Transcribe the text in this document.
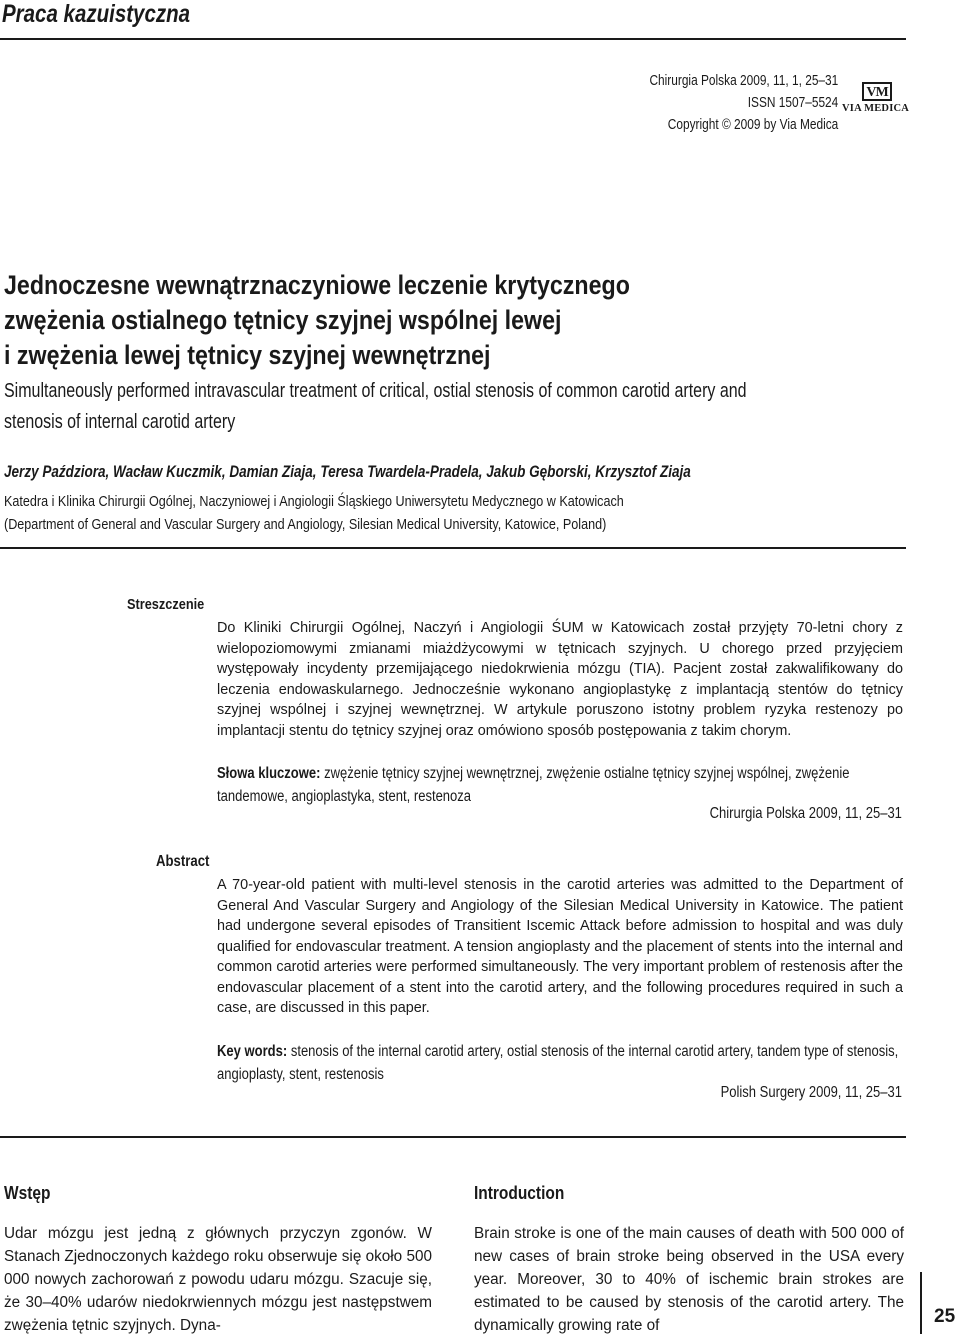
Praca kazuistyczna
Chirurgia Polska 2009, 11, 1, 25–31
ISSN 1507–5524
Copyright © 2009 by Via Medica
VM
VIA MEDICA
Jednoczesne wewnątrznaczyniowe leczenie krytycznego
zwężenia ostialnego tętnicy szyjnej wspólnej lewej
i zwężenia lewej tętnicy szyjnej wewnętrznej
Simultaneously performed intravascular treatment of critical, ostial stenosis of common carotid artery and stenosis of internal carotid artery
Jerzy Paździora, Wacław Kuczmik, Damian Ziaja, Teresa Twardela-Pradela, Jakub Gęborski, Krzysztof Ziaja
Katedra i Klinika Chirurgii Ogólnej, Naczyniowej i Angiologii Śląskiego Uniwersytetu Medycznego w Katowicach
(Department of General and Vascular Surgery and Angiology, Silesian Medical University, Katowice, Poland)
Streszczenie

Do Kliniki Chirurgii Ogólnej, Naczyń i Angiologii ŚUM w Katowicach został przyjęty 70-letni chory z wielopoziomowymi zmianami miażdżycowymi w tętnicach szyjnych. U chorego przed przyjęciem występowały incydenty przemijającego niedokrwienia mózgu (TIA). Pacjent został zakwalifikowany do leczenia endowaskularnego. Jednocześnie wykonano angioplastykę z implantacją stentów do tętnicy szyjnej wspólnej i szyjnej wewnętrznej. W artykule poruszono istotny problem ryzyka restenozy po implantacji stentu do tętnicy szyjnej oraz omówiono sposób postępowania z takim chorym.

Słowa kluczowe: zwężenie tętnicy szyjnej wewnętrznej, zwężenie ostialne tętnicy szyjnej wspólnej, zwężenie tandemowe, angioplastyka, stent, restenoza
Chirurgia Polska 2009, 11, 25–31
Abstract

A 70-year-old patient with multi-level stenosis in the carotid arteries was admitted to the Department of General And Vascular Surgery and Angiology of the Silesian Medical University in Katowice. The patient had undergone several episodes of Transitient Iscemic Attack before admission to hospital and was duly qualified for endovascular treatment. A tension angioplasty and the placement of stents into the internal and common carotid arteries were performed simultaneously. The very important problem of restenosis after the endovascular placement of a stent into the carotid artery, and the following procedures required in such a case, are discussed in this paper.

Key words: stenosis of the internal carotid artery, ostial stenosis of the internal carotid artery, tandem type of stenosis, angioplasty, stent, restenosis
Polish Surgery 2009, 11, 25–31
Wstęp

Udar mózgu jest jedną z głównych przyczyn zgonów. W Stanach Zjednoczonych każdego roku obserwuje się około 500 000 nowych zachorowań z powodu udaru mózgu. Szacuje się, że 30–40% udarów niedokrwiennych mózgu jest następstwem zwężenia tętnic szyjnych. Dyna-

Introduction

Brain stroke is one of the main causes of death with 500 000 of new cases of brain stroke being observed in the USA every year. Moreover, 30 to 40% of ischemic brain strokes are estimated to be caused by stenosis of the carotid artery. The dynamically growing rate of	25
